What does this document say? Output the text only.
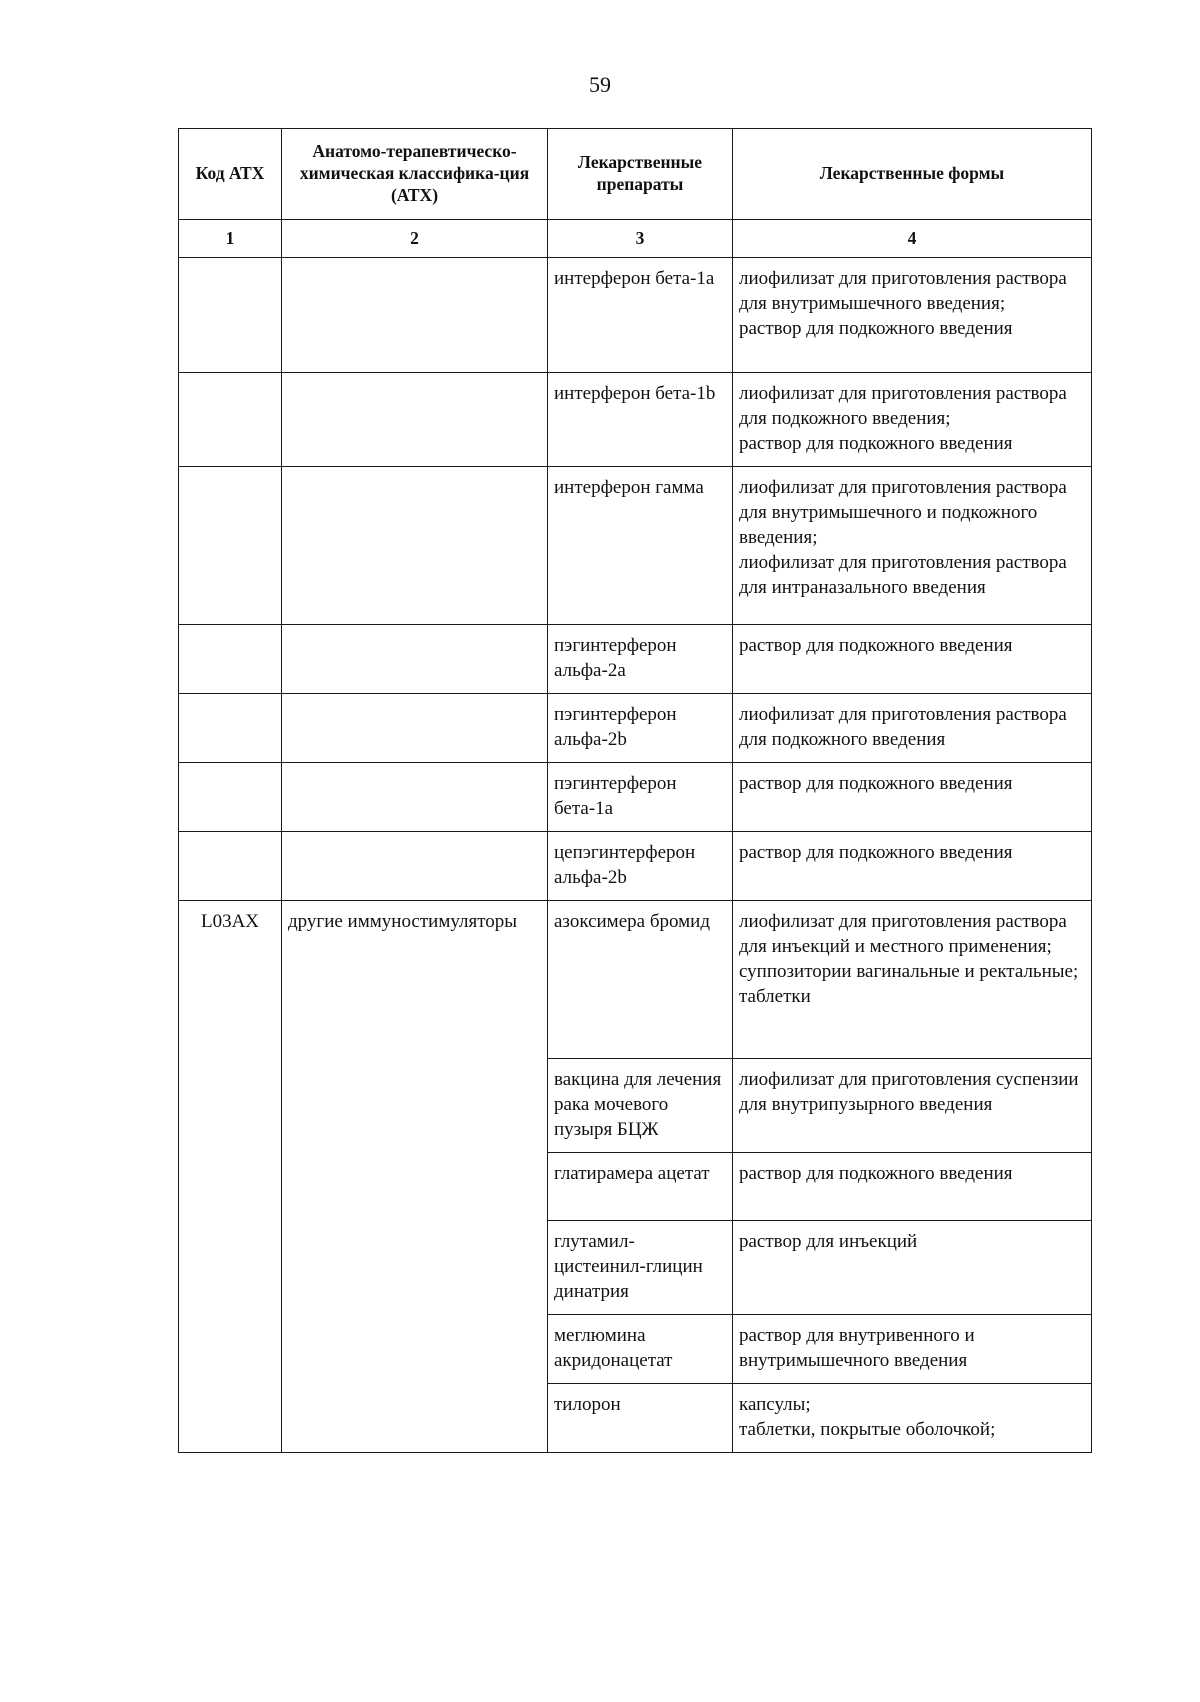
59
Код АТХ	Анатомо-терапевтическо-химическая классифика-ция (АТХ)	Лекарственные препараты	Лекарственные формы
1	2	3	4
		интерферон бета-1a	лиофилизат для приготовления раствора для внутримышечного введения;
раствор для подкожного введения

		интерферон бета-1b	лиофилизат для приготовления раствора для подкожного введения;
раствор для подкожного введения

		интерферон гамма	лиофилизат для приготовления раствора для внутримышечного и подкожного введения;
лиофилизат для приготовления раствора для интраназального введения

		пэгинтерферон альфа-2a	раствор для подкожного введения

		пэгинтерферон альфа-2b	лиофилизат для приготовления раствора для подкожного введения

		пэгинтерферон бета-1a	раствор для подкожного введения

		цепэгинтерферон альфа-2b	раствор для подкожного введения

L03AX	другие иммуностимуляторы	азоксимера бромид	лиофилизат для приготовления раствора для инъекций и местного применения;
суппозитории вагинальные и ректальные;
таблетки

		вакцина для лечения рака мочевого пузыря БЦЖ	лиофилизат для приготовления суспензии для внутрипузырного введения

		глатирамера ацетат	раствор для подкожного введения

		глутамил-цистеинил-глицин динатрия	раствор для инъекций

		меглюмина акридонацетат	раствор для внутривенного и внутримышечного введения

		тилорон	капсулы;
таблетки, покрытые оболочкой;
